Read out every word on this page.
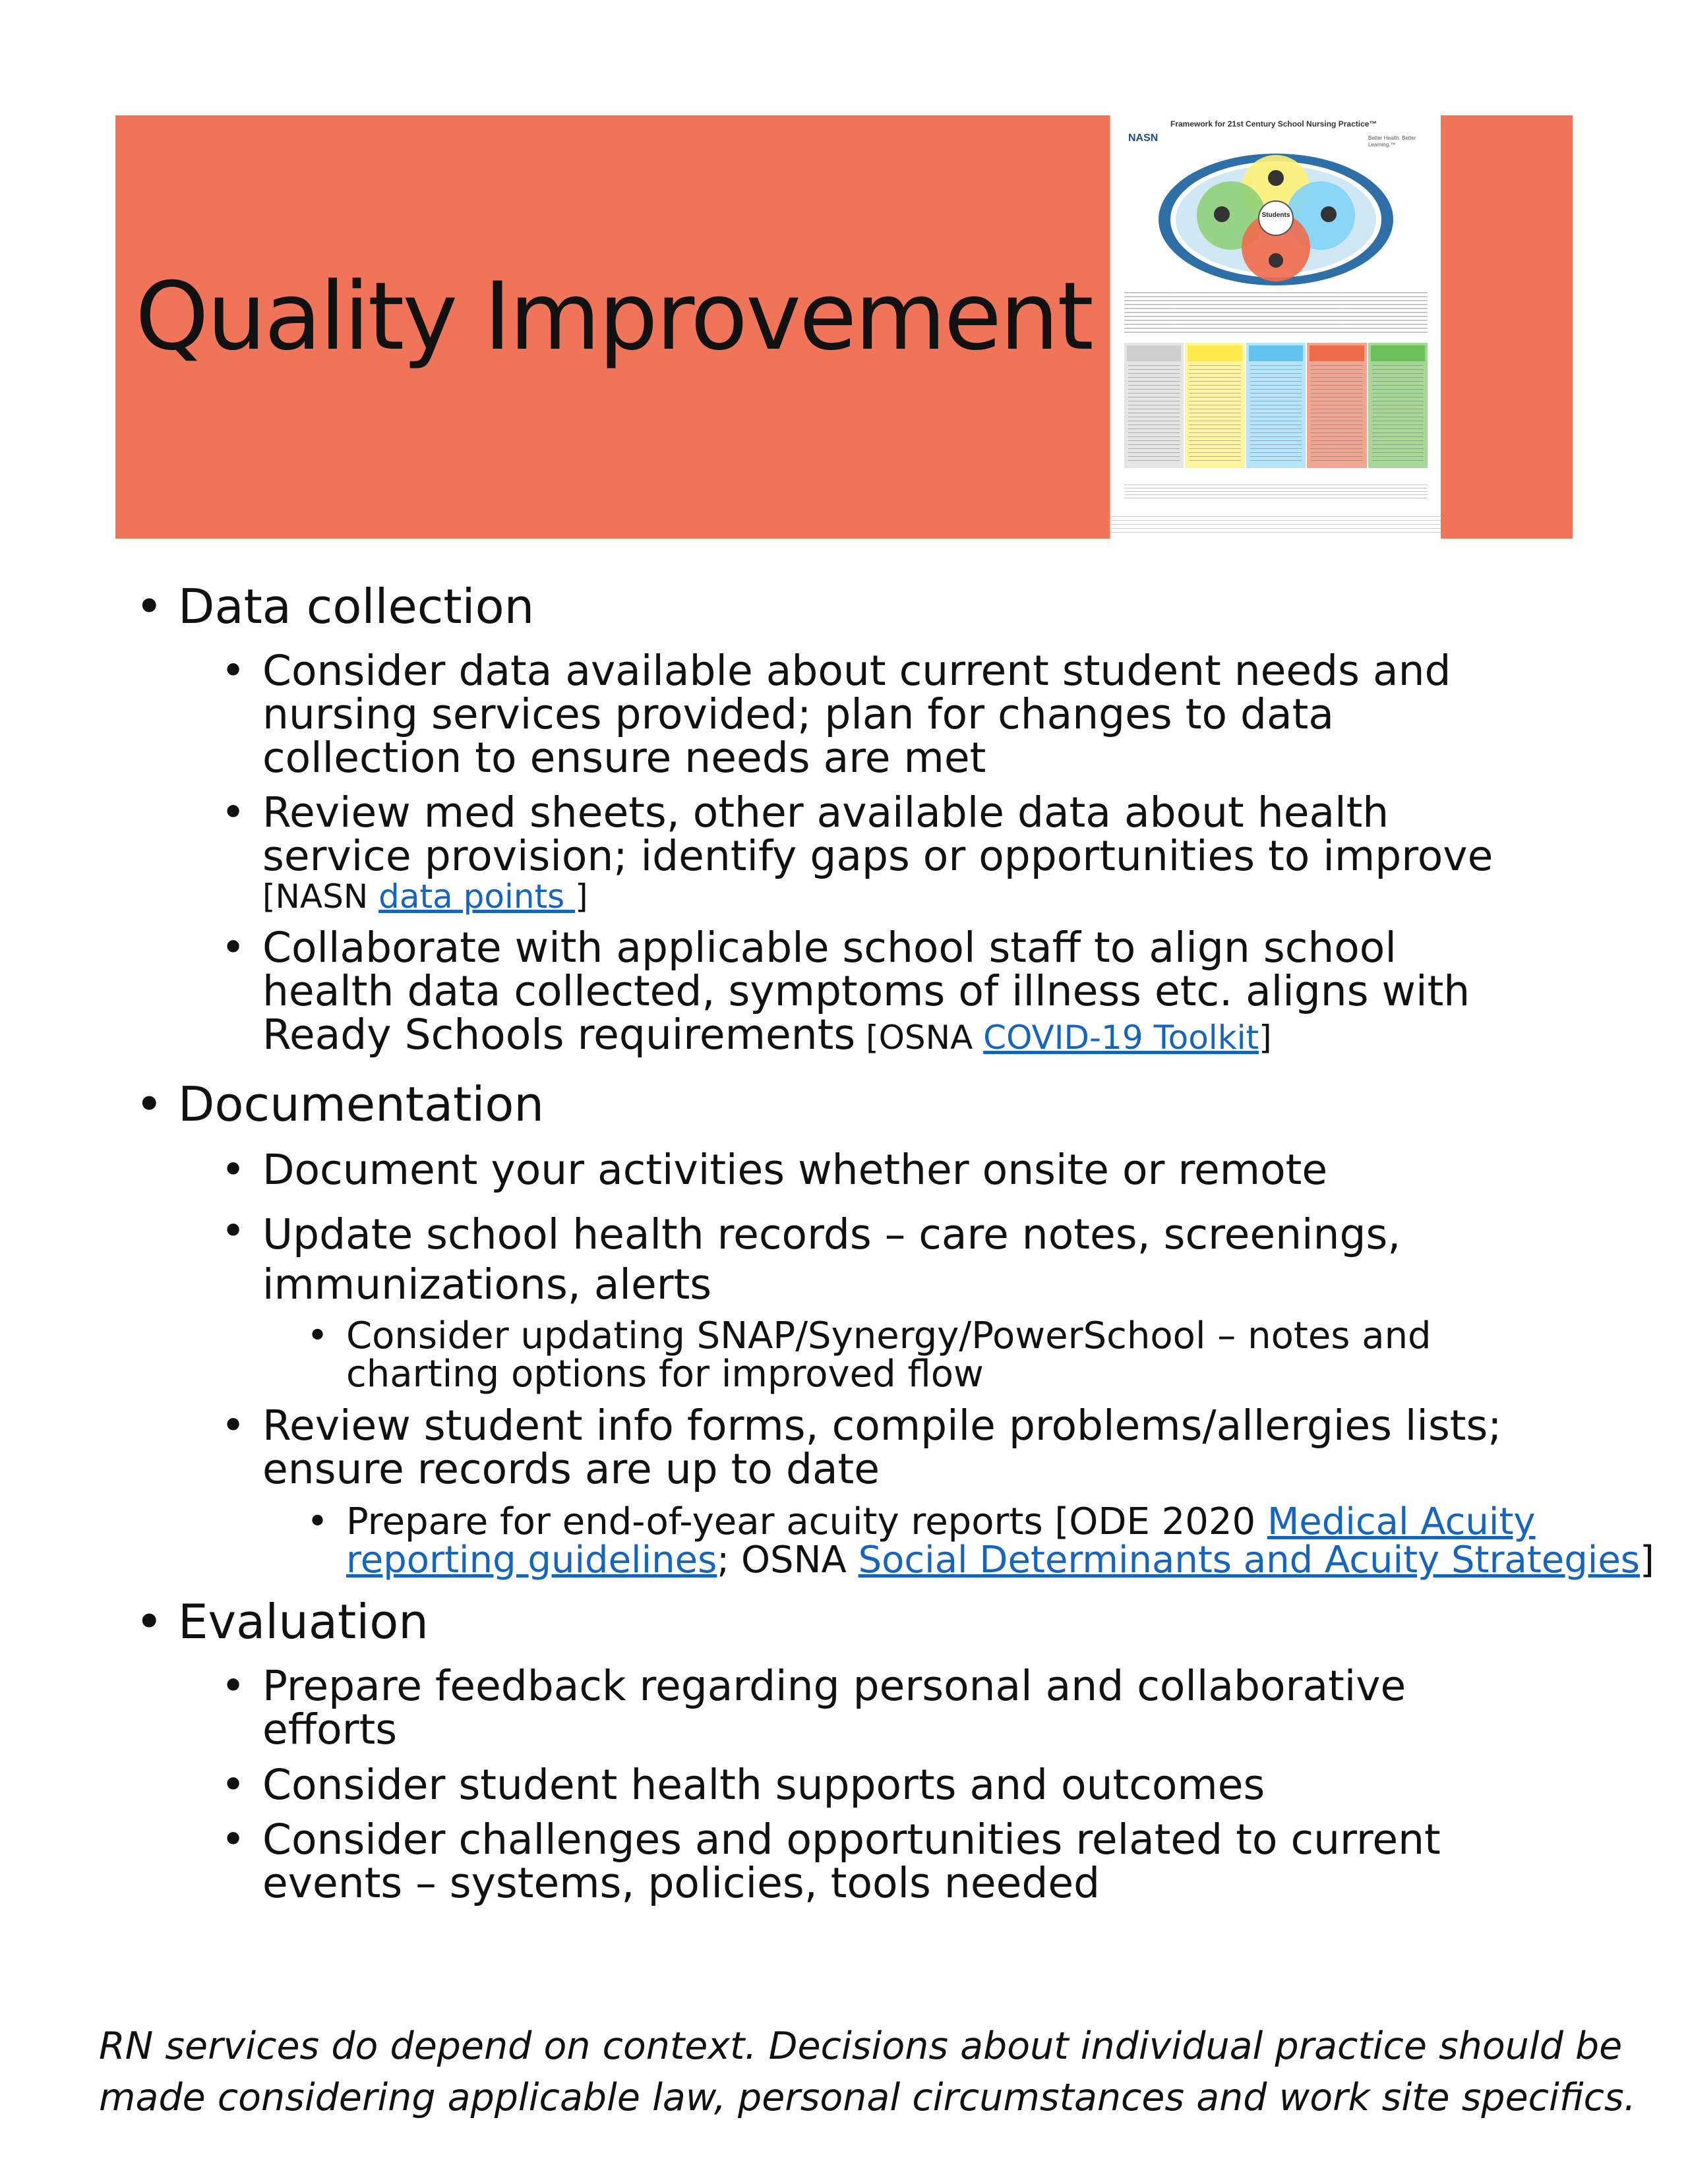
Quality Improvement
Framework for 21st Century School Nursing Practice™
NASN	Better Health. Better Learning.™
Students
• Data collection
• Consider data available about current student needs and
nursing services provided; plan for changes to data
collection to ensure needs are met
• Review med sheets, other available data about health
service provision; identify gaps or opportunities to improve
[NASN data points ]
• Collaborate with applicable school staff to align school
health data collected, symptoms of illness etc. aligns with
Ready Schools requirements [OSNA COVID-19 Toolkit]
• Documentation
• Document your activities whether onsite or remote
• Update school health records – care notes, screenings,
immunizations, alerts
• Consider updating SNAP/Synergy/PowerSchool – notes and
charting options for improved flow
• Review student info forms, compile problems/allergies lists;
ensure records are up to date
• Prepare for end-of-year acuity reports [ODE 2020 Medical Acuity
reporting guidelines; OSNA Social Determinants and Acuity Strategies]
• Evaluation
• Prepare feedback regarding personal and collaborative
efforts
• Consider student health supports and outcomes
• Consider challenges and opportunities related to current
events – systems, policies, tools needed
RN services do depend on context. Decisions about individual practice should be
made considering applicable law, personal circumstances and work site specifics.
